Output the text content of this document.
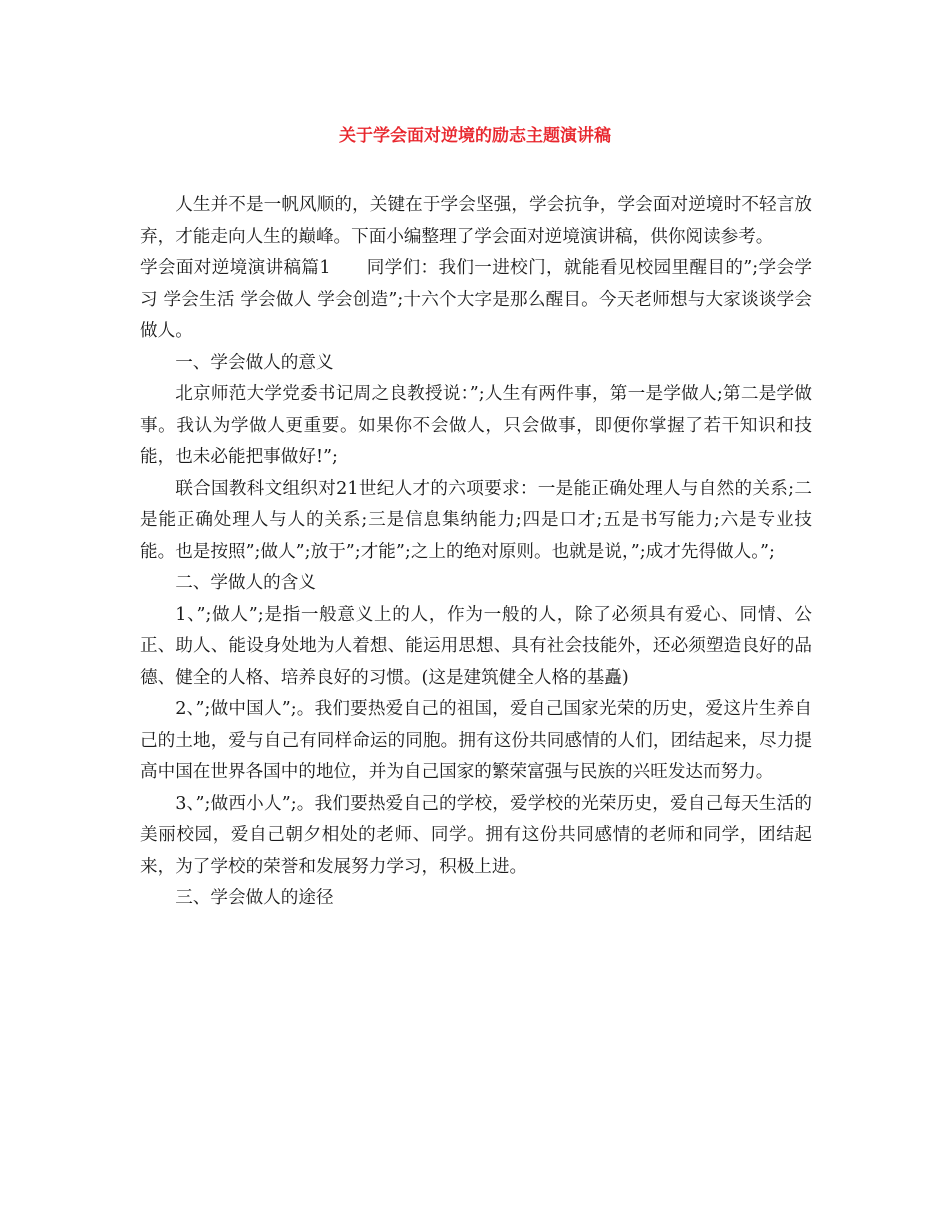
关于学会面对逆境的励志主题演讲稿

人生并不是一帆风顺的，关键在于学会坚强，学会抗争，学会面对逆境时不轻言放弃，才能走向人生的巅峰。下面小编整理了学会面对逆境演讲稿，供你阅读参考。

学会面对逆境演讲稿篇1　　同学们：我们一进校门，就能看见校园里醒目的”;学会学习 学会生活 学会做人 学会创造”;十六个大字是那么醒目。今天老师想与大家谈谈学会做人。

一、学会做人的意义

北京师范大学党委书记周之良教授说：”;人生有两件事，第一是学做人;第二是学做事。我认为学做人更重要。如果你不会做人，只会做事，即便你掌握了若干知识和技能，也未必能把事做好!”;

联合国教科文组织对21世纪人才的六项要求：一是能正确处理人与自然的关系;二是能正确处理人与人的关系;三是信息集纳能力;四是口才;五是书写能力;六是专业技能。也是按照”;做人”;放于”;才能”;之上的绝对原则。也就是说，”;成才先得做人。”;

二、学做人的含义

1、”;做人”;是指一般意义上的人，作为一般的人，除了必须具有爱心、同情、公正、助人、能设身处地为人着想、能运用思想、具有社会技能外，还必须塑造良好的品德、健全的人格、培养良好的习惯。(这是建筑健全人格的基矗)

2、”;做中国人”;。我们要热爱自己的祖国，爱自己国家光荣的历史，爱这片生养自己的土地，爱与自己有同样命运的同胞。拥有这份共同感情的人们，团结起来，尽力提高中国在世界各国中的地位，并为自己国家的繁荣富强与民族的兴旺发达而努力。

3、”;做西小人”;。我们要热爱自己的学校，爱学校的光荣历史，爱自己每天生活的美丽校园，爱自己朝夕相处的老师、同学。拥有这份共同感情的老师和同学，团结起来，为了学校的荣誉和发展努力学习，积极上进。

三、学会做人的途径
